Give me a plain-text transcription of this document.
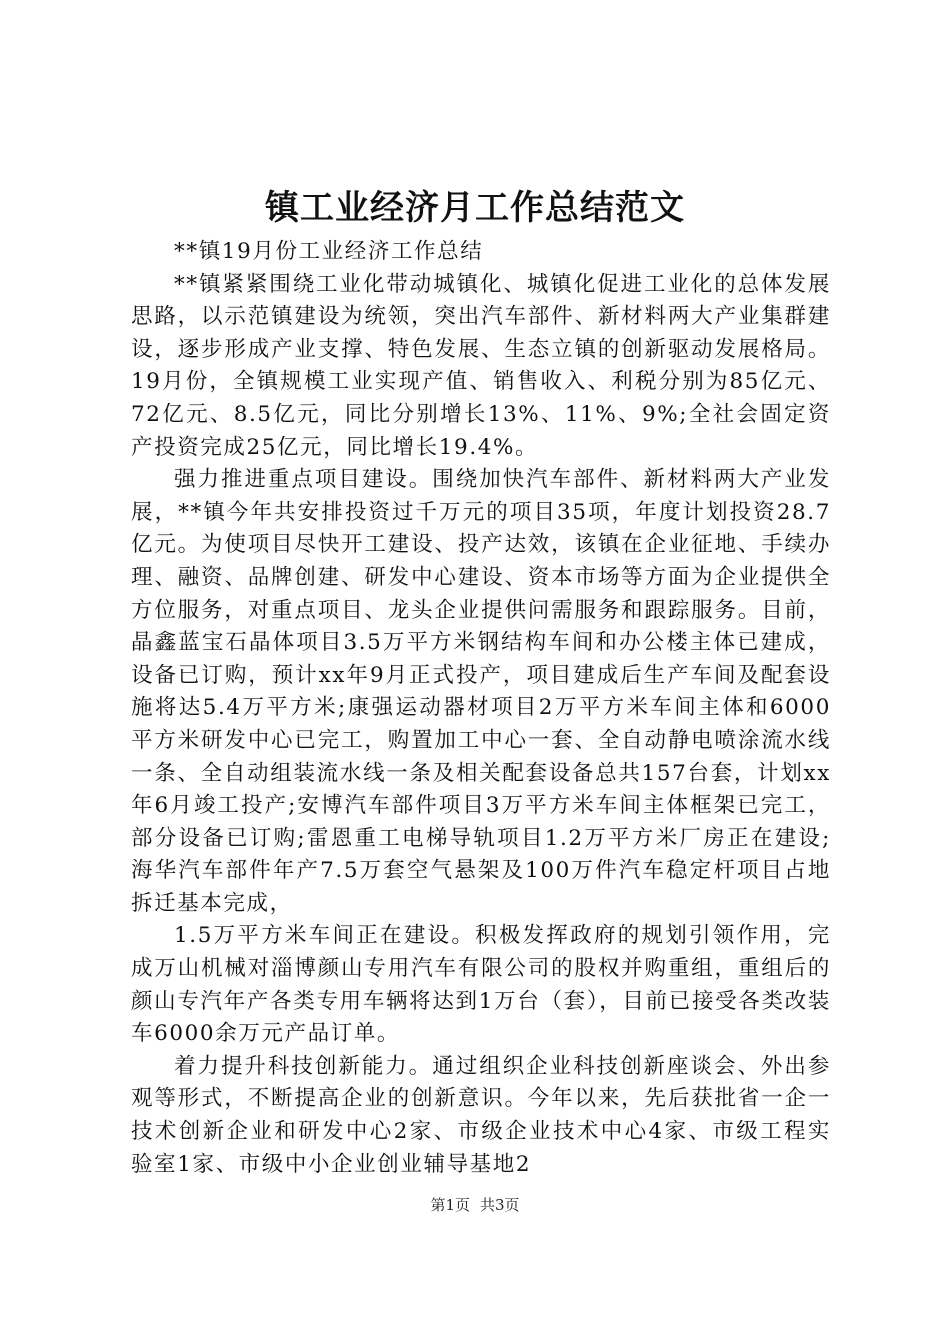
镇工业经济月工作总结范文

**镇19月份工业经济工作总结

**镇紧紧围绕工业化带动城镇化、城镇化促进工业化的总体发展思路，以示范镇建设为统领，突出汽车部件、新材料两大产业集群建设，逐步形成产业支撑、特色发展、生态立镇的创新驱动发展格局。19月份，全镇规模工业实现产值、销售收入、利税分别为85亿元、72亿元、8.5亿元，同比分别增长13%、11%、9%;全社会固定资产投资完成25亿元，同比增长19.4%。

强力推进重点项目建设。围绕加快汽车部件、新材料两大产业发展，**镇今年共安排投资过千万元的项目35项，年度计划投资28.7亿元。为使项目尽快开工建设、投产达效，该镇在企业征地、手续办理、融资、品牌创建、研发中心建设、资本市场等方面为企业提供全方位服务，对重点项目、龙头企业提供问需服务和跟踪服务。目前，晶鑫蓝宝石晶体项目3.5万平方米钢结构车间和办公楼主体已建成，设备已订购，预计xx年9月正式投产，项目建成后生产车间及配套设施将达5.4万平方米;康强运动器材项目2万平方米车间主体和6000平方米研发中心已完工，购置加工中心一套、全自动静电喷涂流水线一条、全自动组装流水线一条及相关配套设备总共157台套，计划xx年6月竣工投产;安博汽车部件项目3万平方米车间主体框架已完工，部分设备已订购;雷恩重工电梯导轨项目1.2万平方米厂房正在建设;海华汽车部件年产7.5万套空气悬架及100万件汽车稳定杆项目占地拆迁基本完成，

1.5万平方米车间正在建设。积极发挥政府的规划引领作用，完成万山机械对淄博颜山专用汽车有限公司的股权并购重组，重组后的颜山专汽年产各类专用车辆将达到1万台（套），目前已接受各类改装车6000余万元产品订单。

着力提升科技创新能力。通过组织企业科技创新座谈会、外出参观等形式，不断提高企业的创新意识。今年以来，先后获批省一企一技术创新企业和研发中心2家、市级企业技术中心4家、市级工程实验室1家、市级中小企业创业辅导基地2

第1页 共3页
